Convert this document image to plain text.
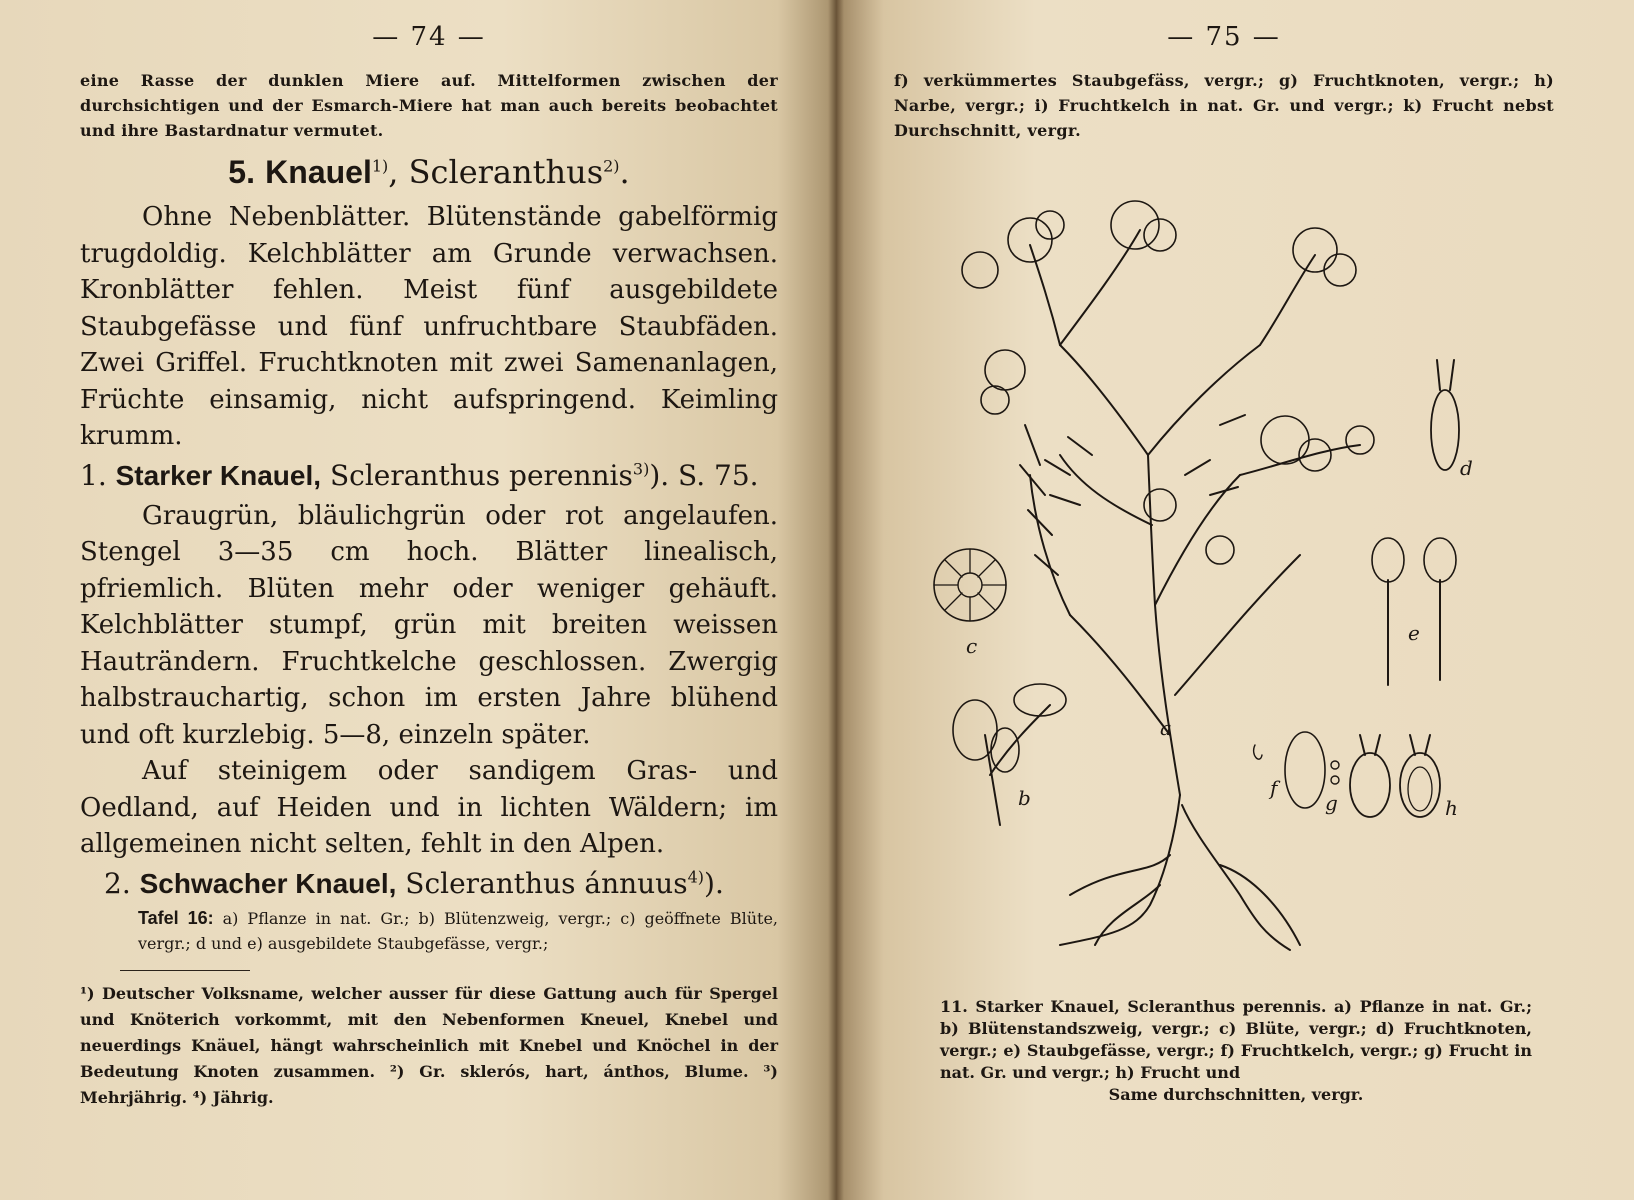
— 74 —
eine Rasse der dunklen Miere auf. Mittelformen zwischen der durchsichtigen und der Esmarch-Miere hat man auch bereits beobachtet und ihre Bastardnatur vermutet.
5. Knauel$^{1)}$, Scleranthus$^{2)}$.

Ohne Nebenblätter. Blütenstände gabelförmig trugdoldig. Kelchblätter am Grunde verwachsen. Kronblätter fehlen. Meist fünf ausgebildete Staubgefässe und fünf unfruchtbare Staubfäden. Zwei Griffel. Fruchtknoten mit zwei Samenanlagen, Früchte einsamig, nicht aufspringend. Keimling krumm.

1. Starker Knauel, Scleranthus perennis$^{3)}$). S. 75.

Graugrün, bläulichgrün oder rot angelaufen. Stengel 3—35 cm hoch. Blätter linealisch, pfriemlich. Blüten mehr oder weniger gehäuft. Kelchblätter stumpf, grün mit breiten weissen Hauträndern. Fruchtkelche geschlossen. Zwergig halbstrauchartig, schon im ersten Jahre blühend und oft kurzlebig. 5—8, einzeln später.

Auf steinigem oder sandigem Gras- und Oedland, auf Heiden und in lichten Wäldern; im allgemeinen nicht selten, fehlt in den Alpen.

2. Schwacher Knauel, Scleranthus ánnuus$^{4)}$).
Tafel 16: a) Pflanze in nat. Gr.; b) Blütenzweig, vergr.; c) geöffnete Blüte, vergr.; d und e) ausgebildete Staubgefässe, vergr.;
¹) Deutscher Volksname, welcher ausser für diese Gattung auch für Spergel und Knöterich vorkommt, mit den Nebenformen Kneuel, Knebel und neuerdings Knäuel, hängt wahrscheinlich mit Knebel und Knöchel in der Bedeutung Knoten zusammen. ²) Gr. sklerós, hart, ánthos, Blume. ³) Mehrjährig. ⁴) Jährig.
— 75 —
f) verkümmertes Staubgefäss, vergr.; g) Fruchtknoten, vergr.; h) Narbe, vergr.; i) Fruchtkelch in nat. Gr. und vergr.; k) Frucht nebst Durchschnitt, vergr.
a
b
c
d
e
f
g	h
11. Starker Knauel, Scleranthus perennis. a) Pflanze in nat. Gr.; b) Blütenstandszweig, vergr.; c) Blüte, vergr.; d) Fruchtknoten, vergr.; e) Staubgefässe, vergr.; f) Fruchtkelch, vergr.; g) Frucht in nat. Gr. und vergr.; h) Frucht und
Same durchschnitten, vergr.
